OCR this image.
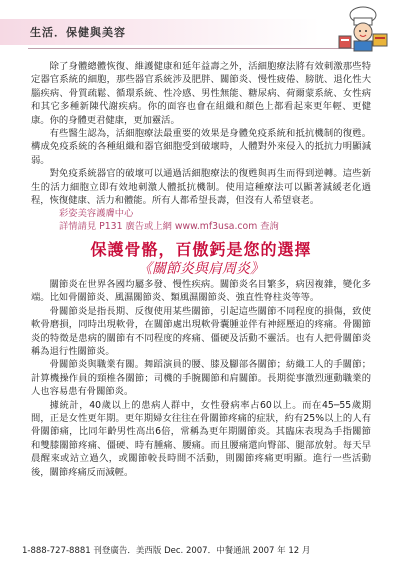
生活．保健與美容

除了身體總體恢復、維護健康和延年益壽之外，活細胞療法將有效刺激那些特定器官系統的細胞，那些器官系統涉及肥胖、關節炎、慢性疲倦、膀胱、退化性大腦疾病、骨質疏鬆、循環系統、性冷感、男性無能、糖尿病、荷爾蒙系統、女性病和其它多種新陳代謝疾病。你的面容也會在組織和顏色上都看起來更年輕、更健康。你的身體更君健康，更加靈活。

有些醫生認為，活細胞療法最重要的效果是身體免疫系統和抵抗機制的復甦。構成免疫系統的各種組織和器官細胞受到破壞時，人體對外來侵入的抵抗力明顯減弱。

對免疫系統器官的破壞可以通過活細胞療法的復甦與再生而得到逆轉。這些新生的活力細胞立即有效地刺激人體抵抗機制。使用這種療法可以顯著減緩老化過程，恢復健康、活力和體能。所有人都希望長壽，但沒有人希望衰老。

彩姿美容護膚中心
詳情請見 P131 廣告或上網 www.mf3usa.com 查詢
保護骨骼，百傲鈣是您的選擇
《關節炎與肩周炎》

關節炎在世界各國均屬多發、慢性疾病。關節炎名目繁多，病因複雜，變化多端。比如骨關節炎、風濕關節炎、類風濕關節炎、強直性脊柱炎等等。

骨關節炎是指長期、反復使用某些關節，引起這些關節不同程度的損傷，致使軟骨磨損，同時出現軟骨，在關節處出現軟骨囊腫並伴有神經壓迫的疼痛。骨關節炎的特徵是患病的關節有不同程度的疼痛、僵硬及活動不靈活。也有人把骨關節炎稱為退行性關節炎。

骨關節炎與職業有關。舞蹈演員的腰、膝及腳部各關節；紡織工人的手關節；計算機操作員的頸椎各關節；司機的手腕關節和肩關節。長期從事激烈運動職業的人也容易患有骨關節炎。

據統計，40歲以上的患病人群中，女性發病率占60以上。而在45─55歲期間，正是女性更年期。更年期婦女往往在骨關節疼痛的症狀，約有25%以上的人有骨關節痛，比同年齡男性高出6倍，常稱為更年期關節炎。其臨床表現為手指關節和雙膝關節疼痛、僵硬、時有腫痛、腰痛。而且腰痛還向臀部、腿部放射。每天早晨醒來或站立過久，或關節較長時間不活動，則關節疼痛更明顯。進行一些活動後，關節疼痛反而減輕。

1-888-727-8881 刊登廣告．美西版 Dec. 2007．中餐通訊 2007 年 12 月
